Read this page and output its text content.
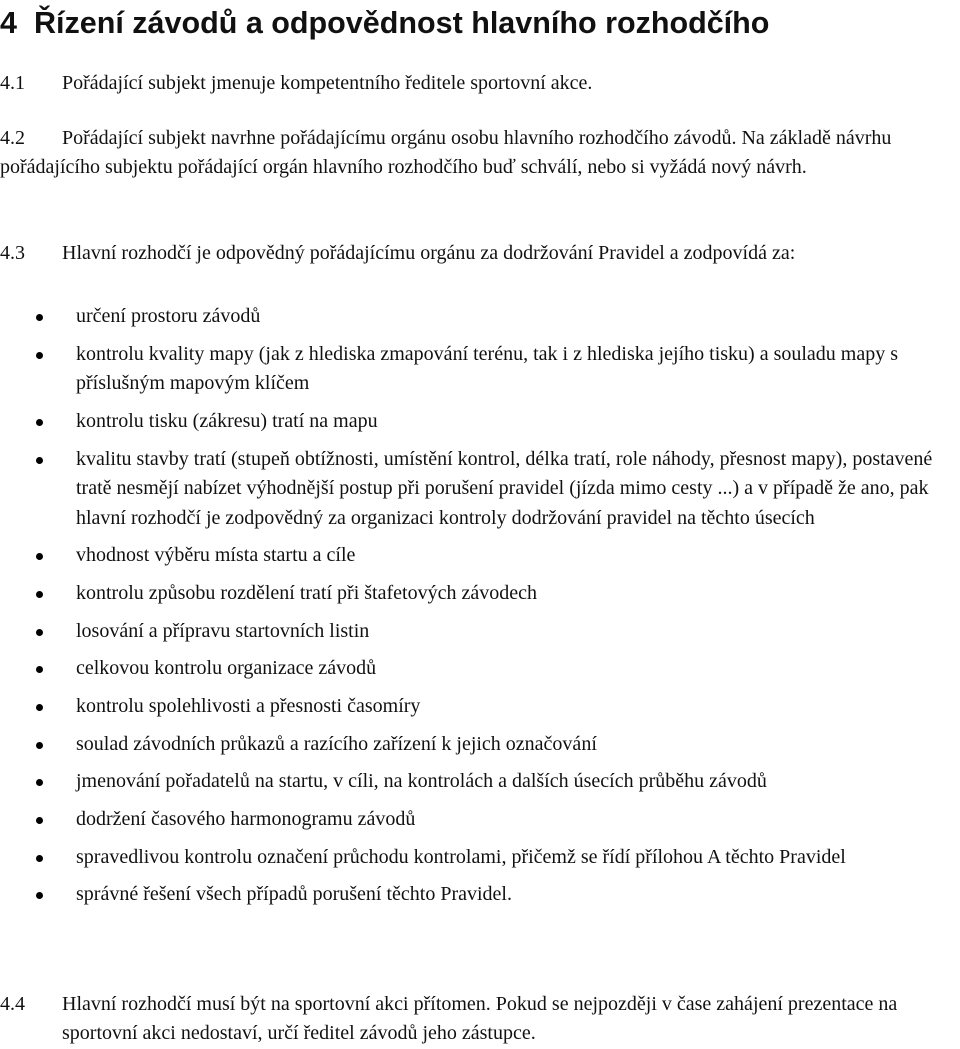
4 Řízení závodů a odpovědnost hlavního rozhodčího
4.1	Pořádající subjekt jmenuje kompetentního ředitele sportovní akce.
4.2	Pořádající subjekt navrhne pořádajícímu orgánu osobu hlavního rozhodčího závodů. Na základě návrhu pořádajícího subjektu pořádající orgán hlavního rozhodčího buď schválí, nebo si vyžádá nový návrh.
4.3	Hlavní rozhodčí je odpovědný pořádajícímu orgánu za dodržování Pravidel a zodpovídá za:
určení prostoru závodů
kontrolu kvality mapy (jak z hlediska zmapování terénu, tak i z hlediska jejího tisku) a souladu mapy s příslušným mapovým klíčem
kontrolu tisku (zákresu) tratí na mapu
kvalitu stavby tratí (stupeň obtížnosti, umístění kontrol, délka tratí, role náhody, přesnost mapy), postavené tratě nesmějí nabízet výhodnější postup při porušení pravidel (jízda mimo cesty ...) a v případě že ano, pak hlavní rozhodčí je zodpovědný za organizaci kontroly dodržování pravidel na těchto úsecích
vhodnost výběru místa startu a cíle
kontrolu způsobu rozdělení tratí při štafetových závodech
losování a přípravu startovních listin
celkovou kontrolu organizace závodů
kontrolu spolehlivosti a přesnosti časomíry
soulad závodních průkazů a razícího zařízení k jejich označování
jmenování pořadatelů na startu, v cíli, na kontrolách a dalších úsecích průběhu závodů
dodržení časového harmonogramu závodů
spravedlivou kontrolu označení průchodu kontrolami, přičemž se řídí přílohou A těchto Pravidel
správné řešení všech případů porušení těchto Pravidel.
4.4	Hlavní rozhodčí musí být na sportovní akci přítomen. Pokud se nejpozději v čase zahájení prezentace na sportovní akci nedostaví, určí ředitel závodů jeho zástupce.
